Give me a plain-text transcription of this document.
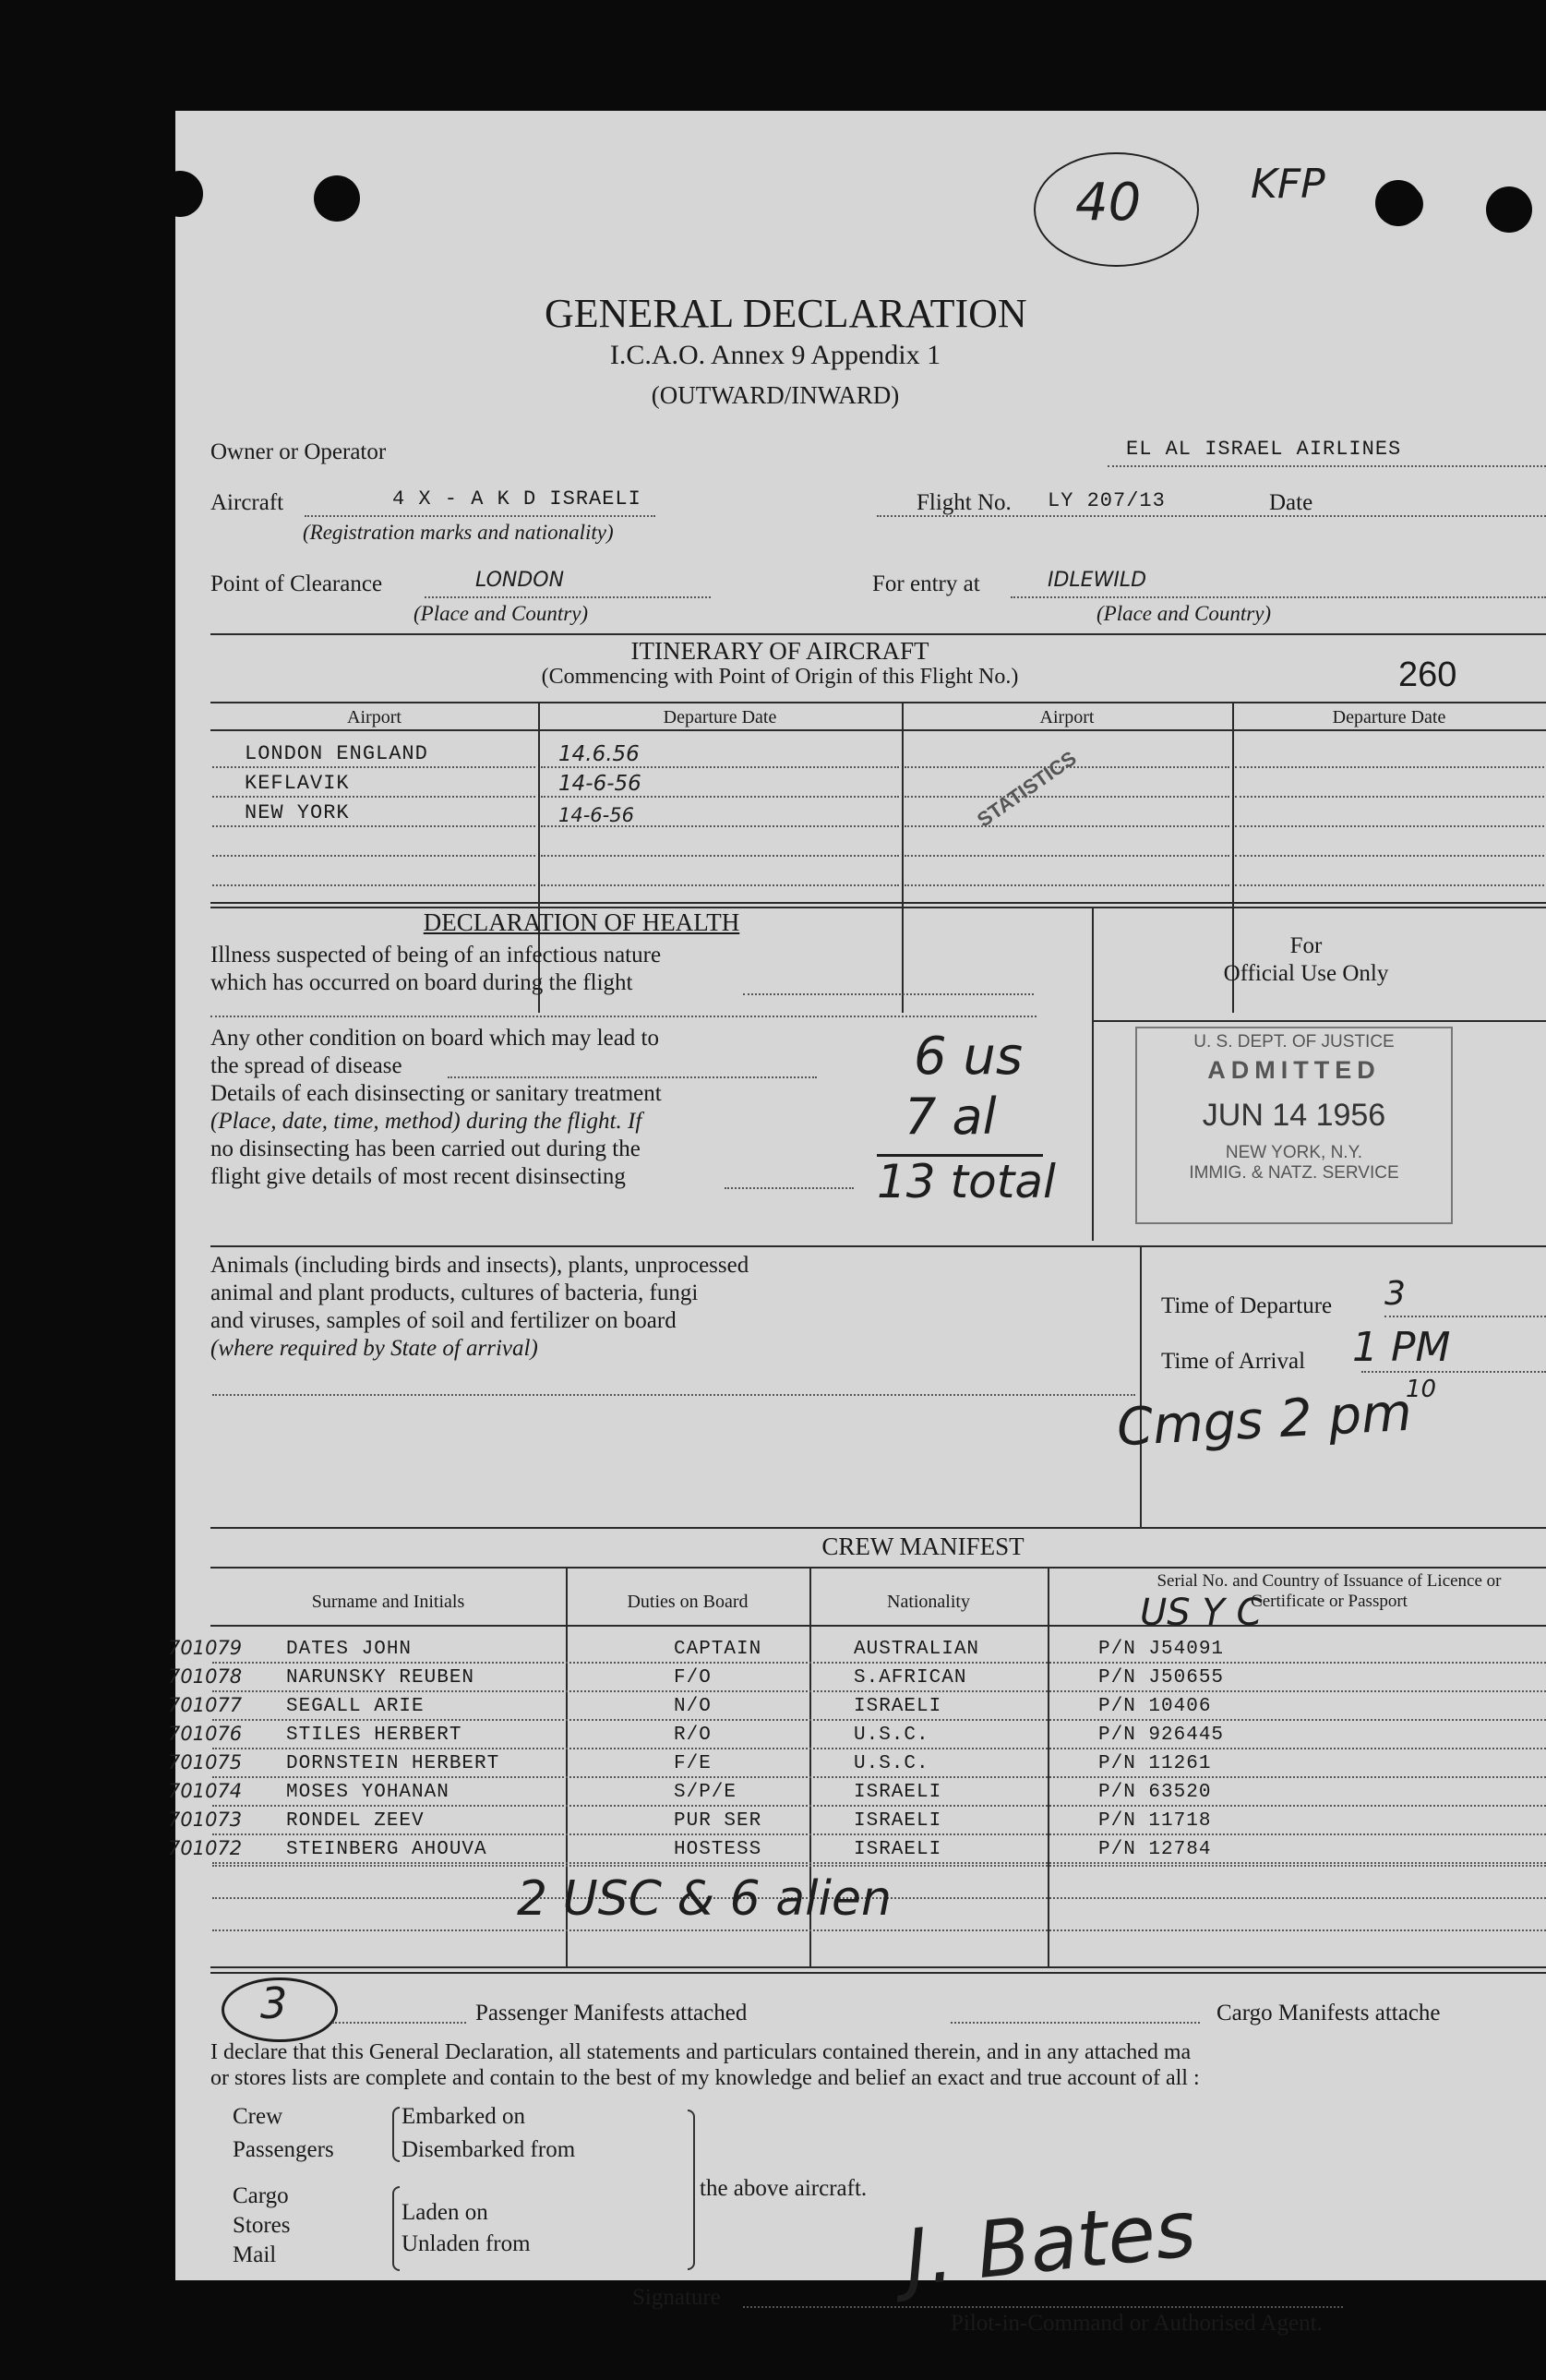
40	KFP
GENERAL DECLARATION
I.C.A.O. Annex 9 Appendix 1
(OUTWARD/INWARD)
Owner or Operator	EL AL ISRAEL AIRLINES
Aircraft	4 X - A K D ISRAELI
(Registration marks and nationality)
Flight No. LY 207/13	Date
Point of Clearance	LONDON
(Place and Country)
For entry at	IDLEWILD
(Place and Country)
ITINERARY OF AIRCRAFT
(Commencing with Point of Origin of this Flight No.)	260
Airport	Departure Date	Airport	Departure Date
LONDON ENGLAND	14.6.56
KEFLAVIK	14-6-56
NEW YORK	14-6-56	STATISTICS
DECLARATION OF HEALTH
Illness suspected of being of an infectious nature
which has occurred on board during the flight
Any other condition on board which may lead to
the spread of disease
Details of each disinsecting or sanitary treatment
(Place, date, time, method) during the flight. If
no disinsecting has been carried out during the
flight give details of most recent disinsecting
6 us
7 al
13 total
For
Official Use Only
U. S. DEPT. OF JUSTICE
ADMITTED
JUN 14 1956
NEW YORK, N.Y.
IMMIG. & NATZ. SERVICE
Animals (including birds and insects), plants, unprocessed
animal and plant products, cultures of bacteria, fungi
and viruses, samples of soil and fertilizer on board
(where required by State of arrival)
Time of Departure 3
Time of Arrival 1 PM
10
Cmgs 2 pm
CREW MANIFEST
Surname and Initials	Duties on Board	Nationality
Serial No. and Country of Issuance of Licence or Certificate or Passport
US Y C
701079 DATES JOHN	CAPTAIN	AUSTRALIAN	P/N J54091
701078 NARUNSKY REUBEN	F/O	S.AFRICAN	P/N J50655
701077 SEGALL ARIE	N/O	ISRAELI	P/N 10406
701076 STILES HERBERT	R/O	U.S.C.	P/N 926445
701075 DORNSTEIN HERBERT	F/E	U.S.C.	P/N 11261
701074 MOSES YOHANAN	S/P/E	ISRAELI	P/N 63520
701073 RONDEL ZEEV	PUR SER	ISRAELI	P/N 11718
701072 STEINBERG AHOUVA	HOSTESS	ISRAELI	P/N 12784
2 USC & 6 alien
3	Passenger Manifests attached	Cargo Manifests attache
I declare that this General Declaration, all statements and particulars contained therein, and in any attached ma
or stores lists are complete and contain to the best of my knowledge and belief an exact and true account of all :
Crew
Passengers
Embarked on
Disembarked from
Cargo
Stores
Mail
Laden on
Unladen from
the above aircraft.
Signature J. Bates
Pilot-in-Command or Authorised Agent.
